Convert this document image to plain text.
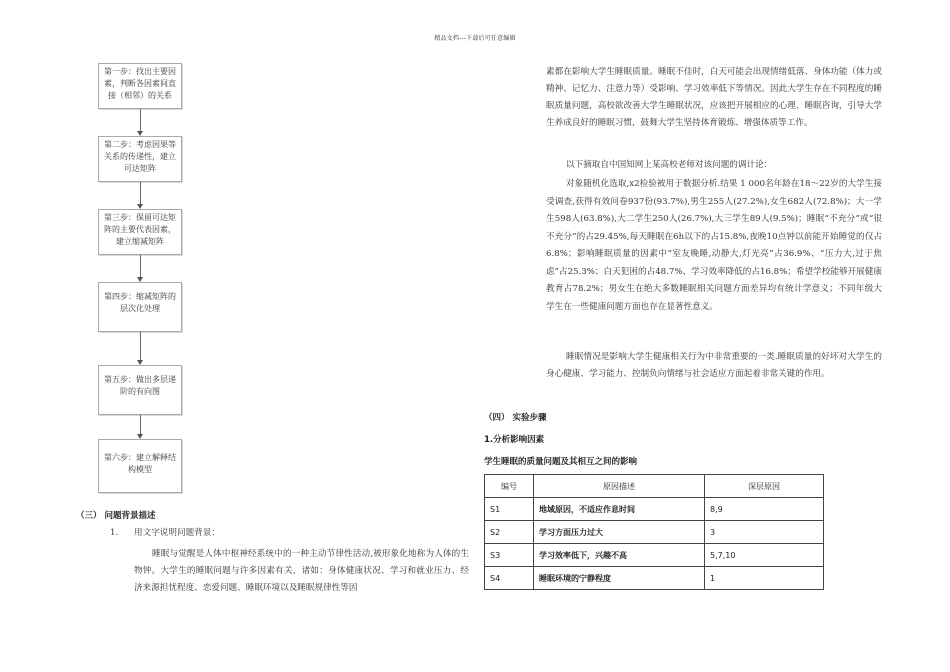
精品文档---下载后可任意编辑
第一步：找出主要因素，判断各因素间直接（相邻）的关系
第二步：考虑因果等关系的传递性，建立可达矩阵
第三步：保留可达矩阵的主要代表因素，建立缩减矩阵
第四步：缩减矩阵的层次化处理
第五步：做出多层递阶的有向图
第六步：建立解释结构模型
（三） 问题背景描述
1. 用文字说明问题背景：
睡眠与觉醒是人体中枢神经系统中的一种主动节律性活动,被形象化地称为人体的生物钟。大学生的睡眠问题与许多因素有关，诸如：身体健康状况、学习和就业压力、经济来源担忧程度、恋爱问题、睡眠环境以及睡眠规律性等因
素都在影响大学生睡眠质量。睡眠不佳时，白天可能会出现情绪低落、身体功能（体力或精神、记忆力、注意力等）受影响、学习效率低下等情况。因此大学生存在不同程度的睡眠质量问题，高校欲改善大学生睡眠状况，应该把开展相应的心理、睡眠咨询，引导大学生养成良好的睡眠习惯，鼓舞大学生坚持体育锻炼、增强体质等工作。
以下摘取自中国知网上某高校老师对该问题的调计论：
对象随机化选取,x2检验被用于数据分析.结果 1 000名年龄在18～22岁的大学生接受调查,获得有效问卷937份(93.7%),男生255人(27.2%),女生682人(72.8%)；大一学生598人(63.8%),大二学生250人(26.7%),大三学生89人(9.5%)；睡眠“不充分”或“很不充分”的占29.45%,每天睡眠在6h以下的占15.8%,夜晚10点钟以前能开始睡觉的仅占6.8%；影响睡眠质量的因素中“室友晚睡,动静大,灯光亮”占36.9%、“压力大,过于焦虑”占25.3%；白天犯困的占48.7%、学习效率降低的占16.8%；希望学校能够开展健康教育占78.2%；男女生在绝大多数睡眠相关问题方面差异均有统计学意义；不同年级大学生在一些健康问题方面也存在显著性意义。
睡眠情况是影响大学生健康相关行为中非常重要的一类.睡眠质量的好坏对大学生的身心健康、学习能力、控制负向情绪与社会适应方面起着非常关键的作用。
（四） 实验步骤
1.分析影响因素
学生睡眠的质量问题及其相互之间的影响
编号	原因描述	深层原因
S1	地域原因，不适应作息时间	8,9
S2	学习方面压力过大	3
S3	学习效率低下，兴趣不高	5,7,10
S4	睡眠环境的宁静程度	1
